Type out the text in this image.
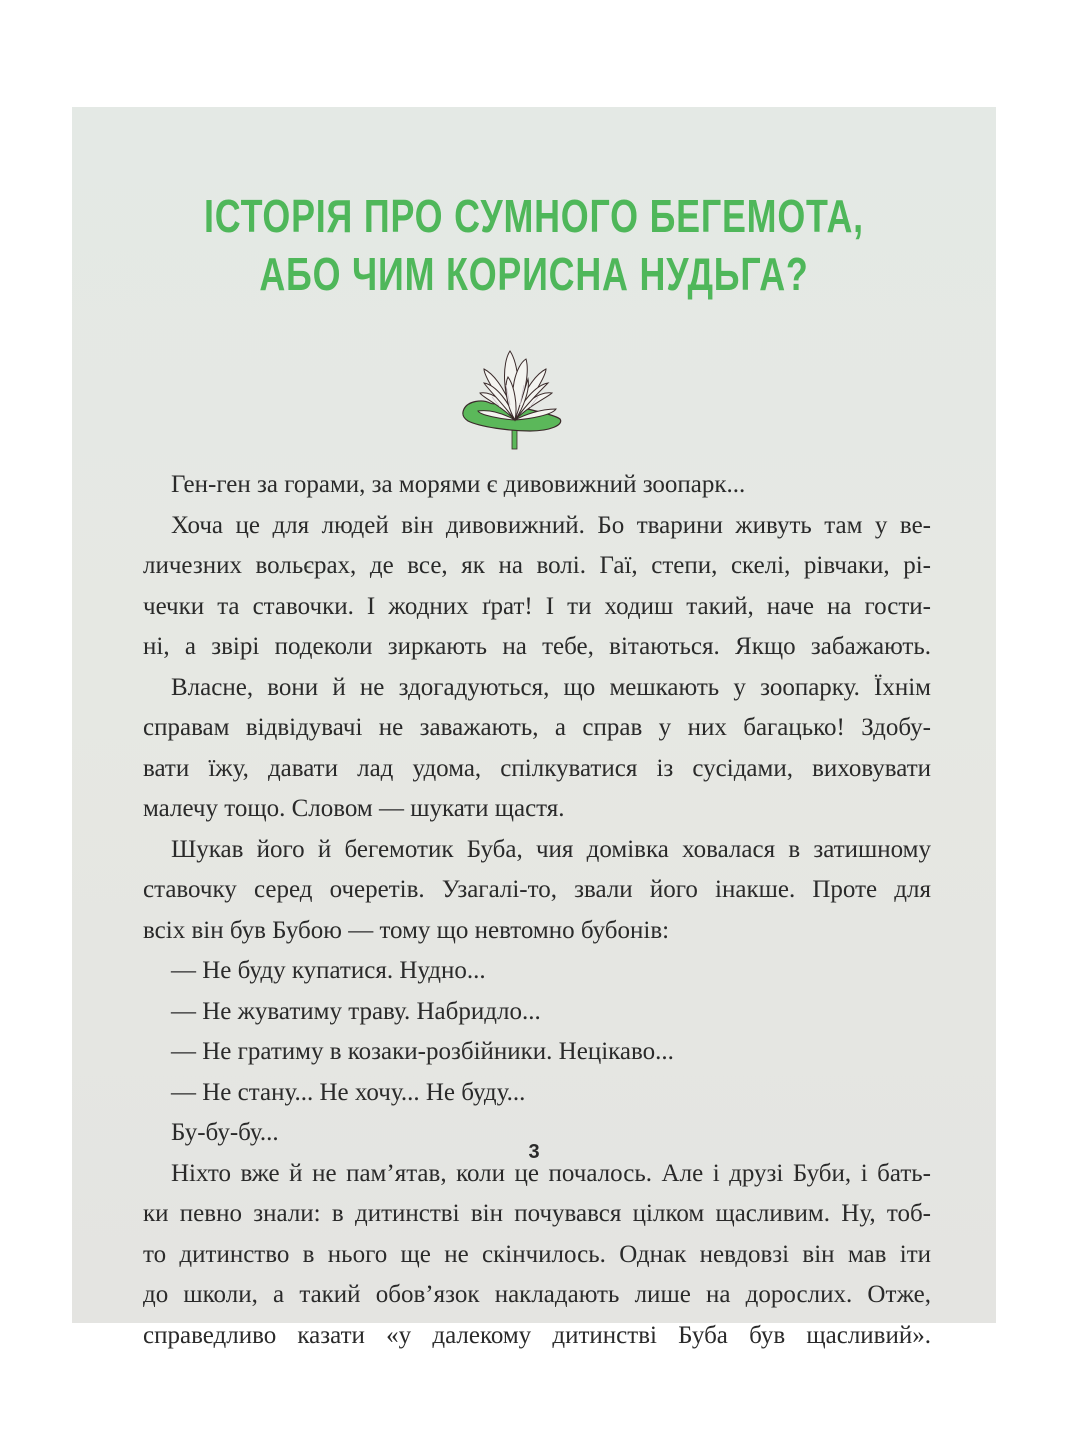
ІСТОРІЯ ПРО СУМНОГО БЕГЕМОТА,
АБО ЧИМ КОРИСНА НУДЬГА?
Ген-ген за горами, за морями є дивовижний зоопарк...
Хоча це для людей він дивовижний. Бо тварини живуть там у ве-
личезних вольєрах, де все, як на волі. Гаї, степи, скелі, рівчаки, рі-
чечки та ставочки. І жодних ґрат! І ти ходиш такий, наче на гости-
ні, а звірі подеколи зиркають на тебе, вітаються. Якщо забажають.
Власне, вони й не здогадуються, що мешкають у зоопарку. Їхнім
справам відвідувачі не заважають, а справ у них багацько! Здобу-
вати їжу, давати лад удома, спілкуватися із сусідами, виховувати
малечу тощо. Словом — шукати щастя.
Шукав його й бегемотик Буба, чия домівка ховалася в затишному
ставочку серед очеретів. Узагалі-то, звали його інакше. Проте для
всіх він був Бубою — тому що невтомно бубонів:
— Не буду купатися. Нудно...
— Не жуватиму траву. Набридло...
— Не гратиму в козаки-розбійники. Нецікаво...
— Не стану... Не хочу... Не буду...
Бу-бу-бу...
Ніхто вже й не пам’ятав, коли це почалось. Але і друзі Буби, і бать-
ки певно знали: в дитинстві він почувався цілком щасливим. Ну, тоб-
то дитинство в нього ще не скінчилось. Однак невдовзі він мав іти
до школи, а такий обов’язок накладають лише на дорослих. Отже,
справедливо казати «у далекому дитинстві Буба був щасливий».
3
